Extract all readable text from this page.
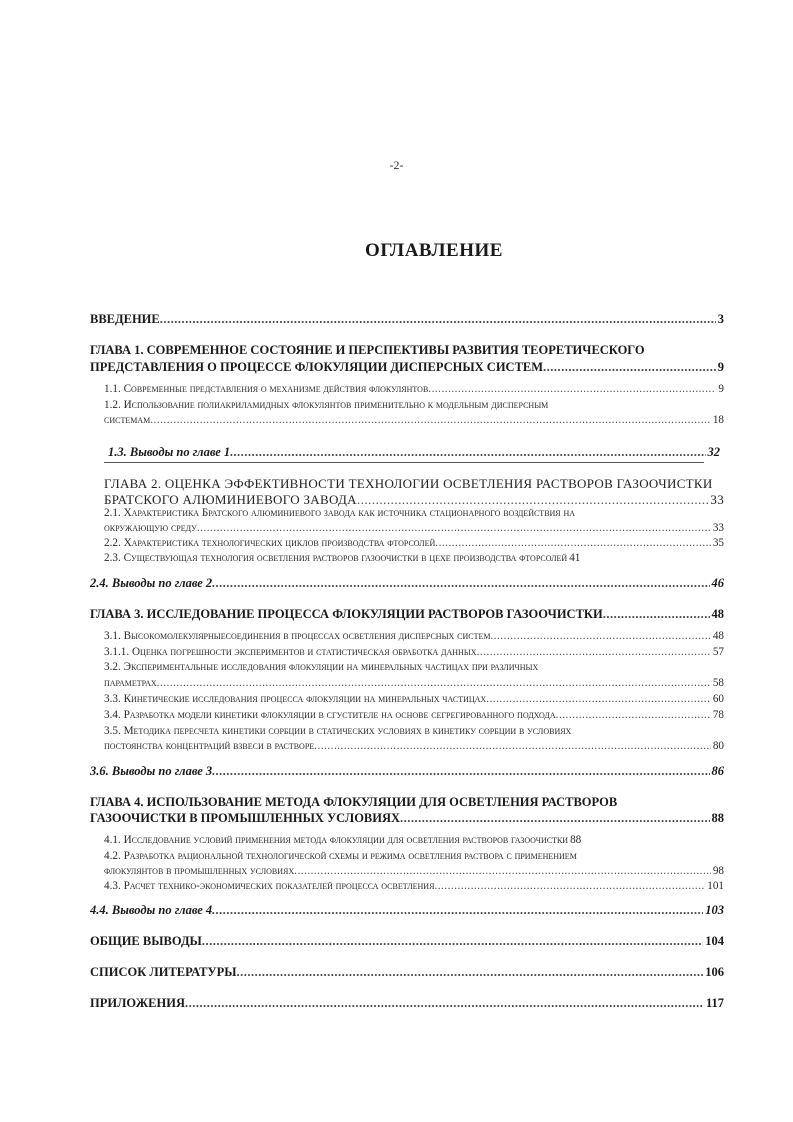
-2-
ОГЛАВЛЕНИЕ
ВВЕДЕНИЕ .....	3
ГЛАВА 1. СОВРЕМЕННОЕ СОСТОЯНИЕ И ПЕРСПЕКТИВЫ РАЗВИТИЯ ТЕОРЕТИЧЕСКОГО
ПРЕДСТАВЛЕНИЯ О ПРОЦЕССЕ ФЛОКУЛЯЦИИ ДИСПЕРСНЫХ СИСТЕМ .....	9
1.1. Современные представления о механизме действия флокулянтов .....	9
1.2. Использование полиакриламидных флокулянтов применительно к модельным дисперсным
системам .....	18
1.3. Выводы по главе 1 .....	32
ГЛАВА 2. ОЦЕНКА ЭФФЕКТИВНОСТИ ТЕХНОЛОГИИ ОСВЕТЛЕНИЯ РАСТВОРОВ ГАЗООЧИСТКИ
БРАТСКОГО АЛЮМИНИЕВОГО ЗАВОДА .....	33
2.1. Характеристика Братского алюминиевого завода как источника стационарного воздействия на
окружающую среду .....	33
2.2. Характеристика технологических циклов производства фторсолей .....	35
2.3. Существующая технология осветления растворов газоочистки в цехе производства фторсолей 41
2.4. Выводы по главе 2 .....	46
ГЛАВА 3. ИССЛЕДОВАНИЕ ПРОЦЕССА ФЛОКУЛЯЦИИ РАСТВОРОВ ГАЗООЧИСТКИ .....	48
3.1. Высокомолекулярныесоединения в процессах осветления дисперсных систем .....	48
3.1.1. Оценка погрешности экспериментов и статистическая обработка данных .....	57
3.2. Экспериментальные исследования флокуляции на минеральных частицах при различных
параметрах .....	58
3.3. Кинетические исследования процесса флокуляции на минеральных частицах .....	60
3.4. Разработка модели кинетики флокуляции в сгустителе на основе сегрегированного подхода .....	78
3.5. Методика пересчета кинетики сорбции в статических условиях в кинетику сорбции в условиях
постоянства концентраций взвеси в растворе .....	80
3.6. Выводы по главе 3 .....	86
ГЛАВА 4. ИСПОЛЬЗОВАНИЕ МЕТОДА ФЛОКУЛЯЦИИ ДЛЯ ОСВЕТЛЕНИЯ РАСТВОРОВ
ГАЗООЧИСТКИ В ПРОМЫШЛЕННЫХ УСЛОВИЯХ .....	88
4.1. Исследование условий применения метода флокуляции для осветления растворов газоочистки 88
4.2. Разработка рациональной технологической схемы и режима осветления раствора с применением
флокулянтов в промышленных условиях .....	98
4.3. Расчет технико-экономических показателей процесса осветления .....	101
4.4. Выводы по главе 4 .....	103
ОБЩИЕ ВЫВОДЫ .....	104
СПИСОК ЛИТЕРАТУРЫ .....	106
ПРИЛОЖЕНИЯ .....	117
